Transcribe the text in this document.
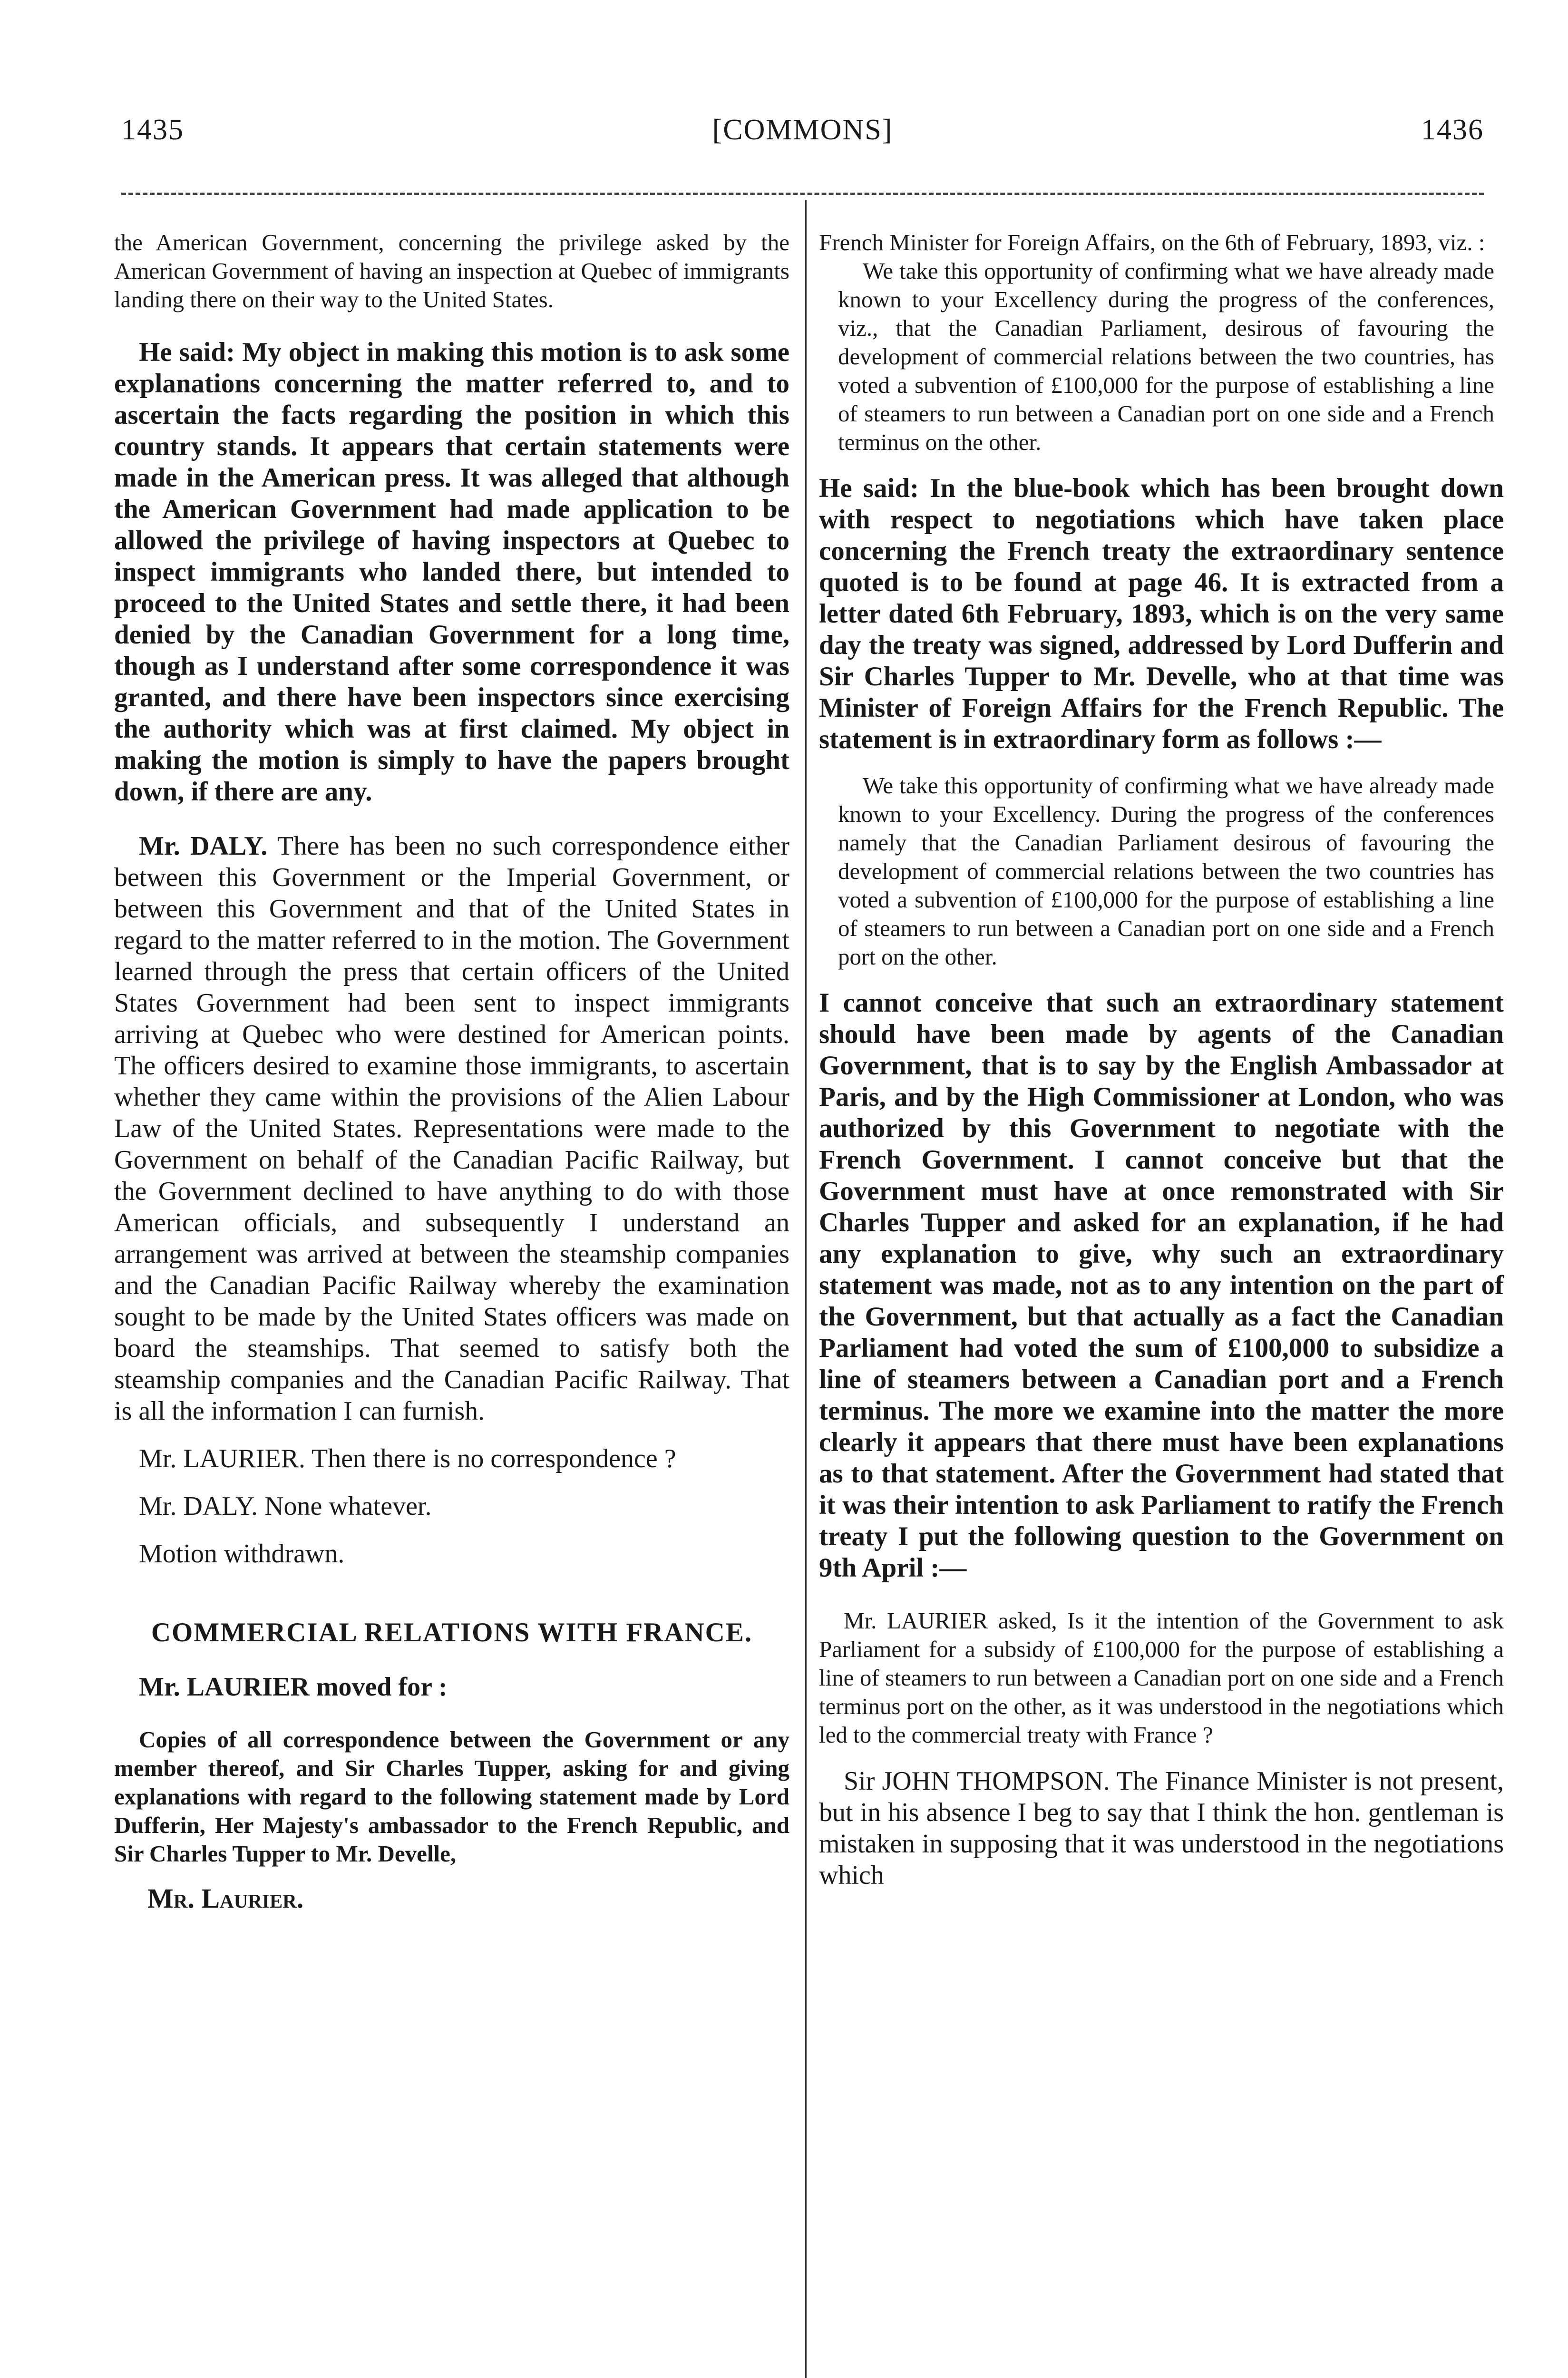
1435	[COMMONS]	1436

the American Government, concerning the privilege asked by the American Government of having an inspection at Quebec of immigrants landing there on their way to the United States.

He said: My object in making this motion is to ask some explanations concerning the matter referred to, and to ascertain the facts regarding the position in which this country stands. It appears that certain statements were made in the American press. It was alleged that although the American Government had made application to be allowed the privilege of having inspectors at Quebec to inspect immigrants who landed there, but intended to proceed to the United States and settle there, it had been denied by the Canadian Government for a long time, though as I understand after some correspondence it was granted, and there have been inspectors since exercising the authority which was at first claimed. My object in making the motion is simply to have the papers brought down, if there are any.

Mr. DALY. There has been no such correspondence either between this Government or the Imperial Government, or between this Government and that of the United States in regard to the matter referred to in the motion. The Government learned through the press that certain officers of the United States Government had been sent to inspect immigrants arriving at Quebec who were destined for American points. The officers desired to examine those immigrants, to ascertain whether they came within the provisions of the Alien Labour Law of the United States. Representations were made to the Government on behalf of the Canadian Pacific Railway, but the Government declined to have anything to do with those American officials, and subsequently I understand an arrangement was arrived at between the steamship companies and the Canadian Pacific Railway whereby the examination sought to be made by the United States officers was made on board the steamships. That seemed to satisfy both the steamship companies and the Canadian Pacific Railway. That is all the information I can furnish.

Mr. LAURIER. Then there is no correspondence ?

Mr. DALY. None whatever.

Motion withdrawn.

COMMERCIAL RELATIONS WITH FRANCE.

Mr. LAURIER moved for :

Copies of all correspondence between the Government or any member thereof, and Sir Charles Tupper, asking for and giving explanations with regard to the following statement made by Lord Dufferin, Her Majesty's ambassador to the French Republic, and Sir Charles Tupper to Mr. Develle,

Mr. Laurier.

French Minister for Foreign Affairs, on the 6th of February, 1893, viz. :

We take this opportunity of confirming what we have already made known to your Excellency during the progress of the conferences, viz., that the Canadian Parliament, desirous of favouring the development of commercial relations between the two countries, has voted a subvention of £100,000 for the purpose of establishing a line of steamers to run between a Canadian port on one side and a French terminus on the other.

He said: In the blue-book which has been brought down with respect to negotiations which have taken place concerning the French treaty the extraordinary sentence quoted is to be found at page 46. It is extracted from a letter dated 6th February, 1893, which is on the very same day the treaty was signed, addressed by Lord Dufferin and Sir Charles Tupper to Mr. Develle, who at that time was Minister of Foreign Affairs for the French Republic. The statement is in extraordinary form as follows :—

We take this opportunity of confirming what we have already made known to your Excellency. During the progress of the conferences namely that the Canadian Parliament desirous of favouring the development of commercial relations between the two countries has voted a subvention of £100,000 for the purpose of establishing a line of steamers to run between a Canadian port on one side and a French port on the other.

I cannot conceive that such an extraordinary statement should have been made by agents of the Canadian Government, that is to say by the English Ambassador at Paris, and by the High Commissioner at London, who was authorized by this Government to negotiate with the French Government. I cannot conceive but that the Government must have at once remonstrated with Sir Charles Tupper and asked for an explanation, if he had any explanation to give, why such an extraordinary statement was made, not as to any intention on the part of the Government, but that actually as a fact the Canadian Parliament had voted the sum of £100,000 to subsidize a line of steamers between a Canadian port and a French terminus. The more we examine into the matter the more clearly it appears that there must have been explanations as to that statement. After the Government had stated that it was their intention to ask Parliament to ratify the French treaty I put the following question to the Government on 9th April :—

Mr. LAURIER asked, Is it the intention of the Government to ask Parliament for a subsidy of £100,000 for the purpose of establishing a line of steamers to run between a Canadian port on one side and a French terminus port on the other, as it was understood in the negotiations which led to the commercial treaty with France ?

Sir JOHN THOMPSON. The Finance Minister is not present, but in his absence I beg to say that I think the hon. gentleman is mistaken in supposing that it was understood in the negotiations which
